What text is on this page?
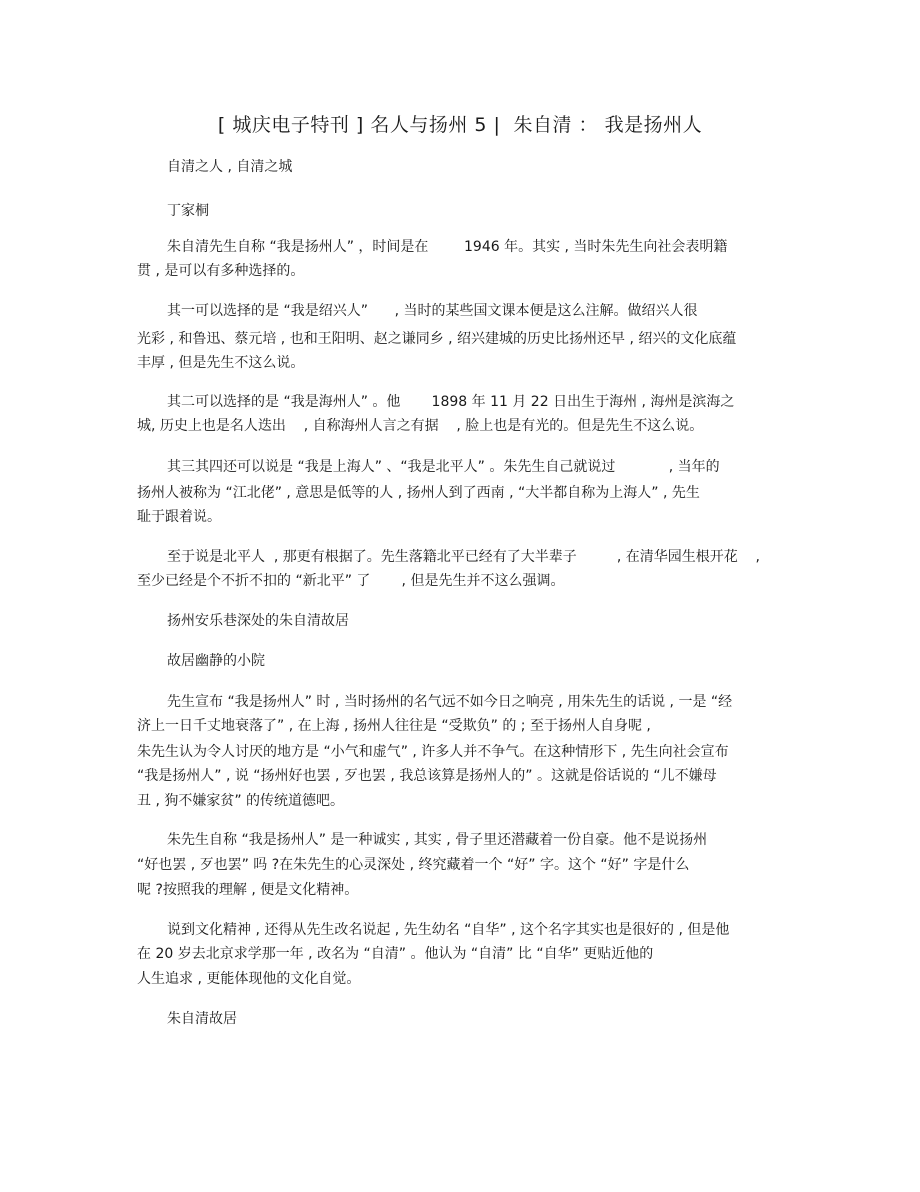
[ 城庆电子特刊 ] 名人与扬州 5 |  朱自清 ： 我是扬州人
自清之人 , 自清之城
丁家桐
朱自清先生自称 “我是扬州人” ，时间是在        1946 年。其实 , 当时朱先生向社会表明籍
贯 , 是可以有多种选择的。
其一可以选择的是 “我是绍兴人”      , 当时的某些国文课本便是这么注解。做绍兴人很
光彩 , 和鲁迅、蔡元培 , 也和王阳明、赵之谦同乡 , 绍兴建城的历史比扬州还早 , 绍兴的文化底蕴
丰厚 , 但是先生不这么说。
其二可以选择的是 “我是海州人” 。他       1898 年 11 月 22 日出生于海州 , 海州是滨海之
城, 历史上也是名人迭出    , 自称海州人言之有据    , 脸上也是有光的。但是先生不这么说。
其三其四还可以说是 “我是上海人” 、“我是北平人” 。朱先生自己就说过            , 当年的
扬州人被称为 “江北佬” , 意思是低等的人 , 扬州人到了西南 , “大半都自称为上海人” , 先生
耻于跟着说。
至于说是北平人  , 那更有根据了。先生落籍北平已经有了大半辈子         , 在清华园生根开花    ,
至少已经是个不折不扣的 “新北平” 了       , 但是先生并不这么强调。
扬州安乐巷深处的朱自清故居
故居幽静的小院
先生宣布 “我是扬州人” 时 , 当时扬州的名气远不如今日之响亮 , 用朱先生的话说 , 一是 “经
济上一日千丈地衰落了” , 在上海 , 扬州人往往是 “受欺负” 的 ; 至于扬州人自身呢 ,
朱先生认为令人讨厌的地方是 “小气和虚气” , 许多人并不争气。在这种情形下 , 先生向社会宣布
“我是扬州人” , 说 “扬州好也罢 , 歹也罢 , 我总该算是扬州人的” 。这就是俗话说的 “儿不嫌母
丑 , 狗不嫌家贫” 的传统道德吧。
朱先生自称 “我是扬州人” 是一种诚实 , 其实 , 骨子里还潜藏着一份自豪。他不是说扬州
“好也罢 , 歹也罢” 吗 ?在朱先生的心灵深处 , 终究藏着一个 “好” 字。这个 “好” 字是什么
呢 ?按照我的理解 , 便是文化精神。
说到文化精神 , 还得从先生改名说起 , 先生幼名 “自华” , 这个名字其实也是很好的 , 但是他
在 20 岁去北京求学那一年 , 改名为 “自清” 。他认为 “自清” 比 “自华” 更贴近他的
人生追求 , 更能体现他的文化自觉。
朱自清故居
